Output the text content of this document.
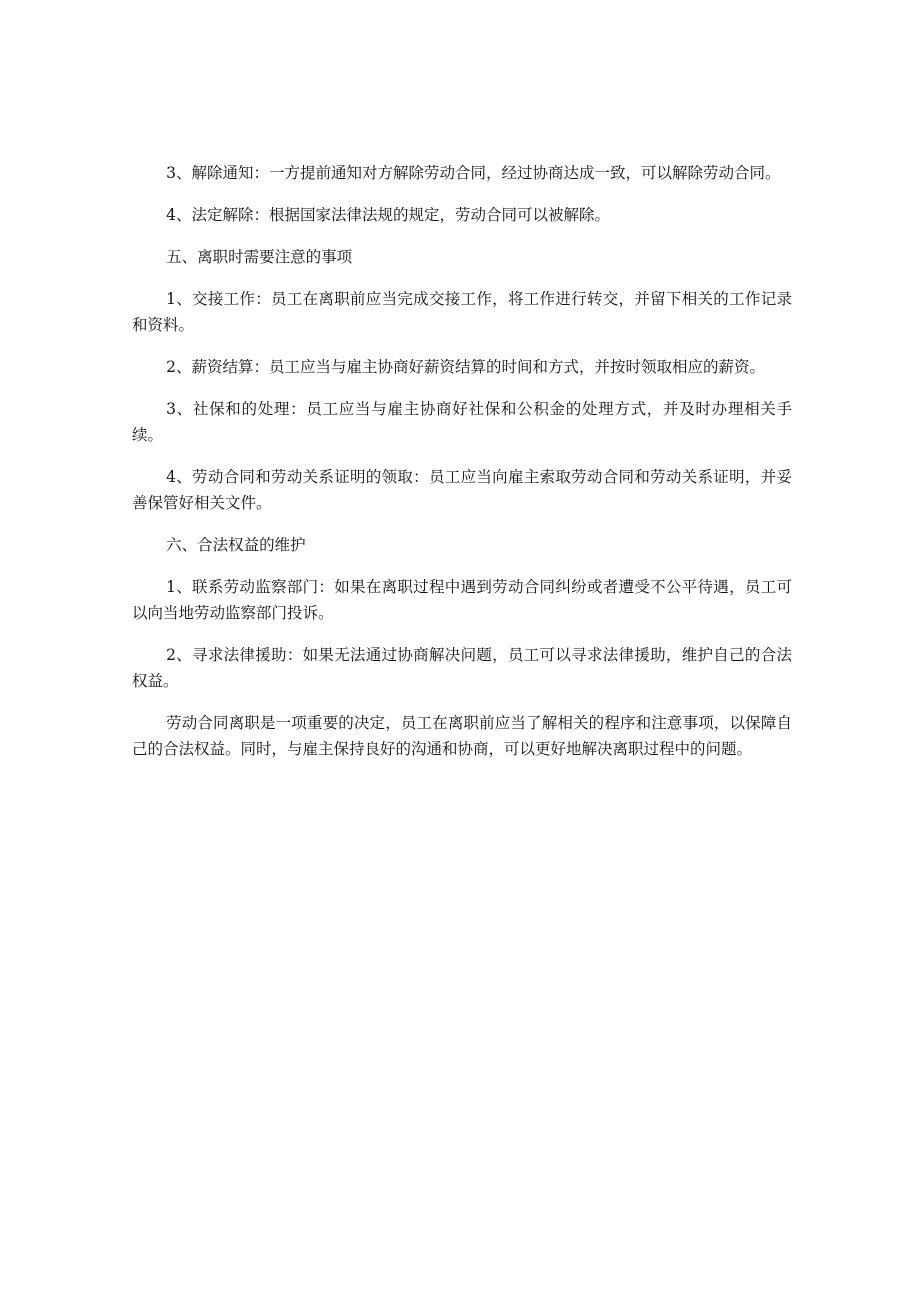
3、解除通知：一方提前通知对方解除劳动合同，经过协商达成一致，可以解除劳动合同。

4、法定解除：根据国家法律法规的规定，劳动合同可以被解除。

五、离职时需要注意的事项

1、交接工作：员工在离职前应当完成交接工作，将工作进行转交，并留下相关的工作记录和资料。

2、薪资结算：员工应当与雇主协商好薪资结算的时间和方式，并按时领取相应的薪资。

3、社保和的处理：员工应当与雇主协商好社保和公积金的处理方式，并及时办理相关手续。

4、劳动合同和劳动关系证明的领取：员工应当向雇主索取劳动合同和劳动关系证明，并妥善保管好相关文件。

六、合法权益的维护

1、联系劳动监察部门：如果在离职过程中遇到劳动合同纠纷或者遭受不公平待遇，员工可以向当地劳动监察部门投诉。

2、寻求法律援助：如果无法通过协商解决问题，员工可以寻求法律援助，维护自己的合法权益。

劳动合同离职是一项重要的决定，员工在离职前应当了解相关的程序和注意事项，以保障自己的合法权益。同时，与雇主保持良好的沟通和协商，可以更好地解决离职过程中的问题。
